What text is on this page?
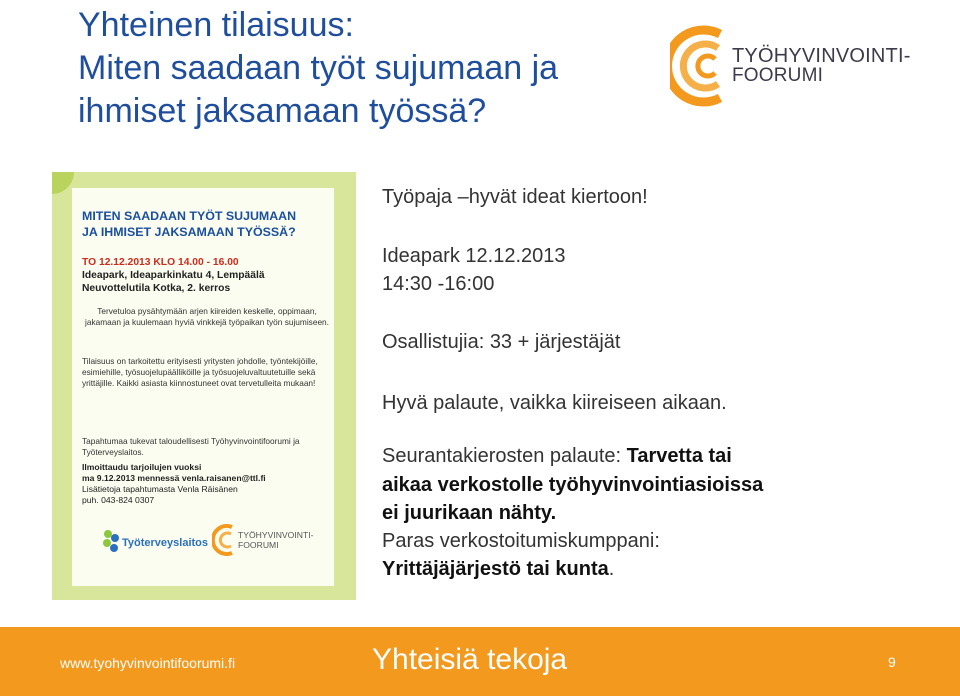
Yhteinen tilaisuus:
Miten saadaan työt sujumaan ja
ihmiset jaksamaan työssä?
TYÖHYVINVOINTI-
FOORUMI
MITEN SAADAAN TYÖT SUJUMAAN
JA IHMISET JAKSAMAAN TYÖSSÄ?
TO 12.12.2013 KLO 14.00 - 16.00
Ideapark, Ideaparkinkatu 4, Lempäälä
Neuvottelutila Kotka, 2. kerros
Tervetuloa pysähtymään arjen kiireiden keskelle, oppimaan, jakamaan ja kuulemaan hyviä vinkkejä työpaikan työn sujumiseen.
Tilaisuus on tarkoitettu erityisesti yritysten johdolle, työntekijöille, esimiehille, työsuojelupäälliköille ja työsuojeluvaltuutetuille sekä yrittäjille. Kaikki asiasta kiinnostuneet ovat tervetulleita mukaan!
Tapahtumaa tukevat taloudellisesti Työhyvinvointifoorumi ja Työterveyslaitos.
Ilmoittaudu tarjoilujen vuoksi
ma 9.12.2013 mennessä venla.raisanen@ttl.fi
Lisätietoja tapahtumasta Venla Räisänen
puh. 043-824 0307
Työterveyslaitos
TYÖHYVINVOINTI-
FOORUMI
Työpaja –hyvät ideat kiertoon!
Ideapark 12.12.2013
14:30 -16:00
Osallistujia: 33 + järjestäjät
Hyvä palaute, vaikka kiireiseen aikaan.
Seurantakierosten palaute: Tarvetta tai
aikaa verkostolle työhyvinvointiasioissa
ei juurikaan nähty.
Paras verkostoitumiskumppani:
Yrittäjäjärjestö tai kunta.
www.tyohyvinvointifoorumi.fi	Yhteisiä tekoja	9
